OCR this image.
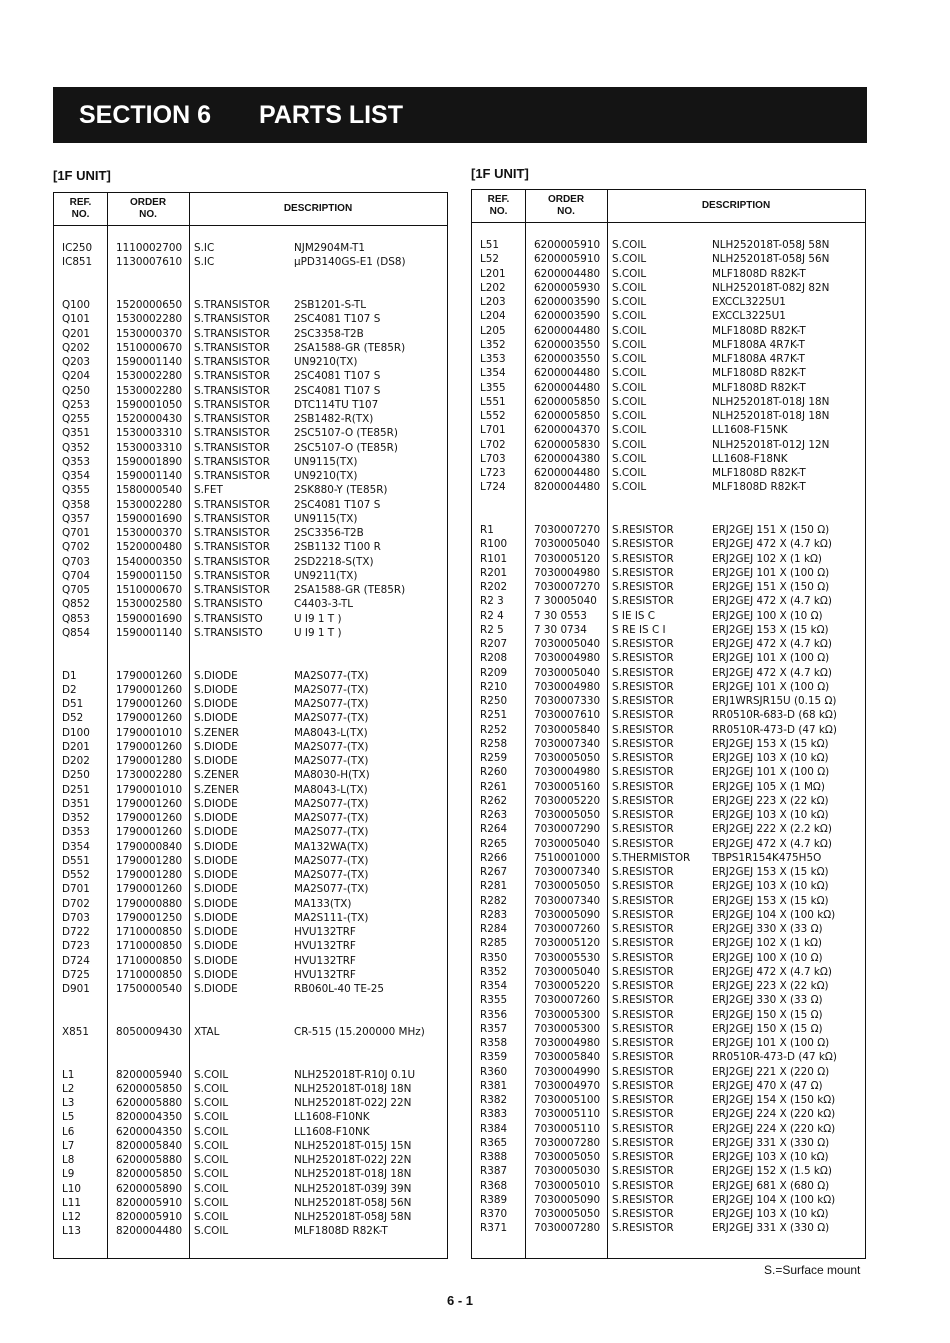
SECTION 6	PARTS LIST
[1F UNIT]	[1F UNIT]
REF.
NO.
ORDER
NO.
DESCRIPTION
IC250 1110002700 S.IC	NJM2904M-T1
IC851 1130007610 S.IC	µPD3140GS-E1 (DS8)
Q100 1520000650 S.TRANSISTOR 2SB1201-S-TL
Q101 1530002280 S.TRANSISTOR 2SC4081 T107 S
Q201 1530000370 S.TRANSISTOR 2SC3358-T2B
Q202 1510000670 S.TRANSISTOR 2SA1588-GR (TE85R)
Q203 1590001140 S.TRANSISTOR UN9210(TX)
Q204 1530002280 S.TRANSISTOR 2SC4081 T107 S
Q250 1530002280 S.TRANSISTOR 2SC4081 T107 S
Q253 1590001050 S.TRANSISTOR DTC114TU T107
Q255 1520000430 S.TRANSISTOR 2SB1482-R(TX)
Q351 1530003310 S.TRANSISTOR 2SC5107-O (TE85R)
Q352 1530003310 S.TRANSISTOR 2SC5107-O (TE85R)
Q353 1590001890 S.TRANSISTOR UN9115(TX)
Q354 1590001140 S.TRANSISTOR UN9210(TX)
Q355 1580000540 S.FET	2SK880-Y (TE85R)
Q358 1530002280 S.TRANSISTOR 2SC4081 T107 S
Q357 1590001690 S.TRANSISTOR UN9115(TX)
Q701 1530000370 S.TRANSISTOR 2SC3356-T2B
Q702 1520000480 S.TRANSISTOR 2SB1132 T100 R
Q703 1540000350 S.TRANSISTOR 2SD2218-S(TX)
Q704 1590001150 S.TRANSISTOR UN9211(TX)
Q705 1510000670 S.TRANSISTOR 2SA1588-GR (TE85R)
Q852 1530002580 S.TRANSISTO	C4403-3-TL
Q853 1590001690 S.TRANSISTO	U I9 1 T )
Q854 1590001140 S.TRANSISTO	U I9 1 T )
D1	1790001260 S.DIODE	MA2S077-(TX)
D2	1790001260 S.DIODE	MA2S077-(TX)
D51	1790001260 S.DIODE	MA2S077-(TX)
D52	1790001260 S.DIODE	MA2S077-(TX)
D100	1790001010 S.ZENER	MA8043-L(TX)
D201	1790001260 S.DIODE	MA2S077-(TX)
D202	1790001280 S.DIODE	MA2S077-(TX)
D250	1730002280 S.ZENER	MA8030-H(TX)
D251	1790001010 S.ZENER	MA8043-L(TX)
D351	1790001260 S.DIODE	MA2S077-(TX)
D352	1790001260 S.DIODE	MA2S077-(TX)
D353	1790001260 S.DIODE	MA2S077-(TX)
D354	1790000840 S.DIODE	MA132WA(TX)
D551	1790001280 S.DIODE	MA2S077-(TX)
D552	1790001280 S.DIODE	MA2S077-(TX)
D701	1790001260 S.DIODE	MA2S077-(TX)
D702	1790000880 S.DIODE	MA133(TX)
D703	1790001250 S.DIODE	MA2S111-(TX)
D722	1710000850 S.DIODE	HVU132TRF
D723	1710000850 S.DIODE	HVU132TRF
D724	1710000850 S.DIODE	HVU132TRF
D725	1710000850 S.DIODE	HVU132TRF
D901	1750000540 S.DIODE	RB060L-40 TE-25
X851	8050009430 XTAL	CR-515 (15.200000 MHz)
L1	8200005940 S.COIL	NLH252018T-R10J 0.1U
L2	6200005850 S.COIL	NLH252018T-018J 18N
L3	6200005880 S.COIL	NLH252018T-022J 22N
L5	8200004350 S.COIL	LL1608-F10NK
L6	6200004350 S.COIL	LL1608-F10NK
L7	8200005840 S.COIL	NLH252018T-015J 15N
L8	6200005880 S.COIL	NLH252018T-022J 22N
L9	8200005850 S.COIL	NLH252018T-018J 18N
L10	6200005890 S.COIL	NLH252018T-039J 39N
L11	8200005910 S.COIL	NLH252018T-058J 56N
L12	8200005910 S.COIL	NLH252018T-058J 58N
L13	8200004480 S.COIL	MLF1808D R82K-T
REF.
NO.
ORDER
NO.
DESCRIPTION
L51	6200005910 S.COIL	NLH252018T-058J 58N
L52	6200005910 S.COIL	NLH252018T-058J 56N
L201	6200004480 S.COIL	MLF1808D R82K-T
L202	6200005930 S.COIL	NLH252018T-082J 82N
L203	6200003590 S.COIL	EXCCL3225U1
L204	6200003590 S.COIL	EXCCL3225U1
L205	6200004480 S.COIL	MLF1808D R82K-T
L352	6200003550 S.COIL	MLF1808A 4R7K-T
L353	6200003550 S.COIL	MLF1808A 4R7K-T
L354	6200004480 S.COIL	MLF1808D R82K-T
L355	6200004480 S.COIL	MLF1808D R82K-T
L551	6200005850 S.COIL	NLH252018T-018J 18N
L552	6200005850 S.COIL	NLH252018T-018J 18N
L701	6200004370 S.COIL	LL1608-F15NK
L702	6200005830 S.COIL	NLH252018T-012J 12N
L703	6200004380 S.COIL	LL1608-F18NK
L723	6200004480 S.COIL	MLF1808D R82K-T
L724	8200004480 S.COIL	MLF1808D R82K-T
R1	7030007270 S.RESISTOR	ERJ2GEJ 151 X (150 Ω)
R100	7030005040 S.RESISTOR	ERJ2GEJ 472 X (4.7 kΩ)
R101	7030005120 S.RESISTOR	ERJ2GEJ 102 X (1 kΩ)
R201	7030004980 S.RESISTOR	ERJ2GEJ 101 X (100 Ω)
R202	7030007270 S.RESISTOR	ERJ2GEJ 151 X (150 Ω)
R2 3	7 30005040 S.RESISTOR	ERJ2GEJ 472 X (4.7 kΩ)
R2 4	7 30 0553 S IE IS C	ERJ2GEJ 100 X (10 Ω)
R2 5	7 30 0734 S RE IS C I	ERJ2GEJ 153 X (15 kΩ)
R207	7030005040 S.RESISTOR	ERJ2GEJ 472 X (4.7 kΩ)
R208	7030004980 S.RESISTOR	ERJ2GEJ 101 X (100 Ω)
R209	7030005040 S.RESISTOR	ERJ2GEJ 472 X (4.7 kΩ)
R210	7030004980 S.RESISTOR	ERJ2GEJ 101 X (100 Ω)
R250	7030007330 S.RESISTOR	ERJ1WRSJR15U (0.15 Ω)
R251	7030007610 S.RESISTOR	RR0510R-683-D (68 kΩ)
R252	7030005840 S.RESISTOR	RR0510R-473-D (47 kΩ)
R258	7030007340 S.RESISTOR	ERJ2GEJ 153 X (15 kΩ)
R259	7030005050 S.RESISTOR	ERJ2GEJ 103 X (10 kΩ)
R260	7030004980 S.RESISTOR	ERJ2GEJ 101 X (100 Ω)
R261	7030005160 S.RESISTOR	ERJ2GEJ 105 X (1 MΩ)
R262	7030005220 S.RESISTOR	ERJ2GEJ 223 X (22 kΩ)
R263	7030005050 S.RESISTOR	ERJ2GEJ 103 X (10 kΩ)
R264	7030007290 S.RESISTOR	ERJ2GEJ 222 X (2.2 kΩ)
R265	7030005040 S.RESISTOR	ERJ2GEJ 472 X (4.7 kΩ)
R266	7510001000 S.THERMISTOR TBPS1R154K475H5O
R267	7030007340 S.RESISTOR	ERJ2GEJ 153 X (15 kΩ)
R281	7030005050 S.RESISTOR	ERJ2GEJ 103 X (10 kΩ)
R282	7030007340 S.RESISTOR	ERJ2GEJ 153 X (15 kΩ)
R283	7030005090 S.RESISTOR	ERJ2GEJ 104 X (100 kΩ)
R284	7030007260 S.RESISTOR	ERJ2GEJ 330 X (33 Ω)
R285	7030005120 S.RESISTOR	ERJ2GEJ 102 X (1 kΩ)
R350	7030005530 S.RESISTOR	ERJ2GEJ 100 X (10 Ω)
R352	7030005040 S.RESISTOR	ERJ2GEJ 472 X (4.7 kΩ)
R354	7030005220 S.RESISTOR	ERJ2GEJ 223 X (22 kΩ)
R355	7030007260 S.RESISTOR	ERJ2GEJ 330 X (33 Ω)
R356	7030005300 S.RESISTOR	ERJ2GEJ 150 X (15 Ω)
R357	7030005300 S.RESISTOR	ERJ2GEJ 150 X (15 Ω)
R358	7030004980 S.RESISTOR	ERJ2GEJ 101 X (100 Ω)
R359	7030005840 S.RESISTOR	RR0510R-473-D (47 kΩ)
R360	7030004990 S.RESISTOR	ERJ2GEJ 221 X (220 Ω)
R381	7030004970 S.RESISTOR	ERJ2GEJ 470 X (47 Ω)
R382	7030005100 S.RESISTOR	ERJ2GEJ 154 X (150 kΩ)
R383	7030005110 S.RESISTOR	ERJ2GEJ 224 X (220 kΩ)
R384	7030005110 S.RESISTOR	ERJ2GEJ 224 X (220 kΩ)
R365	7030007280 S.RESISTOR	ERJ2GEJ 331 X (330 Ω)
R388	7030005050 S.RESISTOR	ERJ2GEJ 103 X (10 kΩ)
R387	7030005030 S.RESISTOR	ERJ2GEJ 152 X (1.5 kΩ)
R368	7030005010 S.RESISTOR	ERJ2GEJ 681 X (680 Ω)
R389	7030005090 S.RESISTOR	ERJ2GEJ 104 X (100 kΩ)
R370	7030005050 S.RESISTOR	ERJ2GEJ 103 X (10 kΩ)
R371	7030007280 S.RESISTOR	ERJ2GEJ 331 X (330 Ω)
S.=Surface mount
6 - 1
